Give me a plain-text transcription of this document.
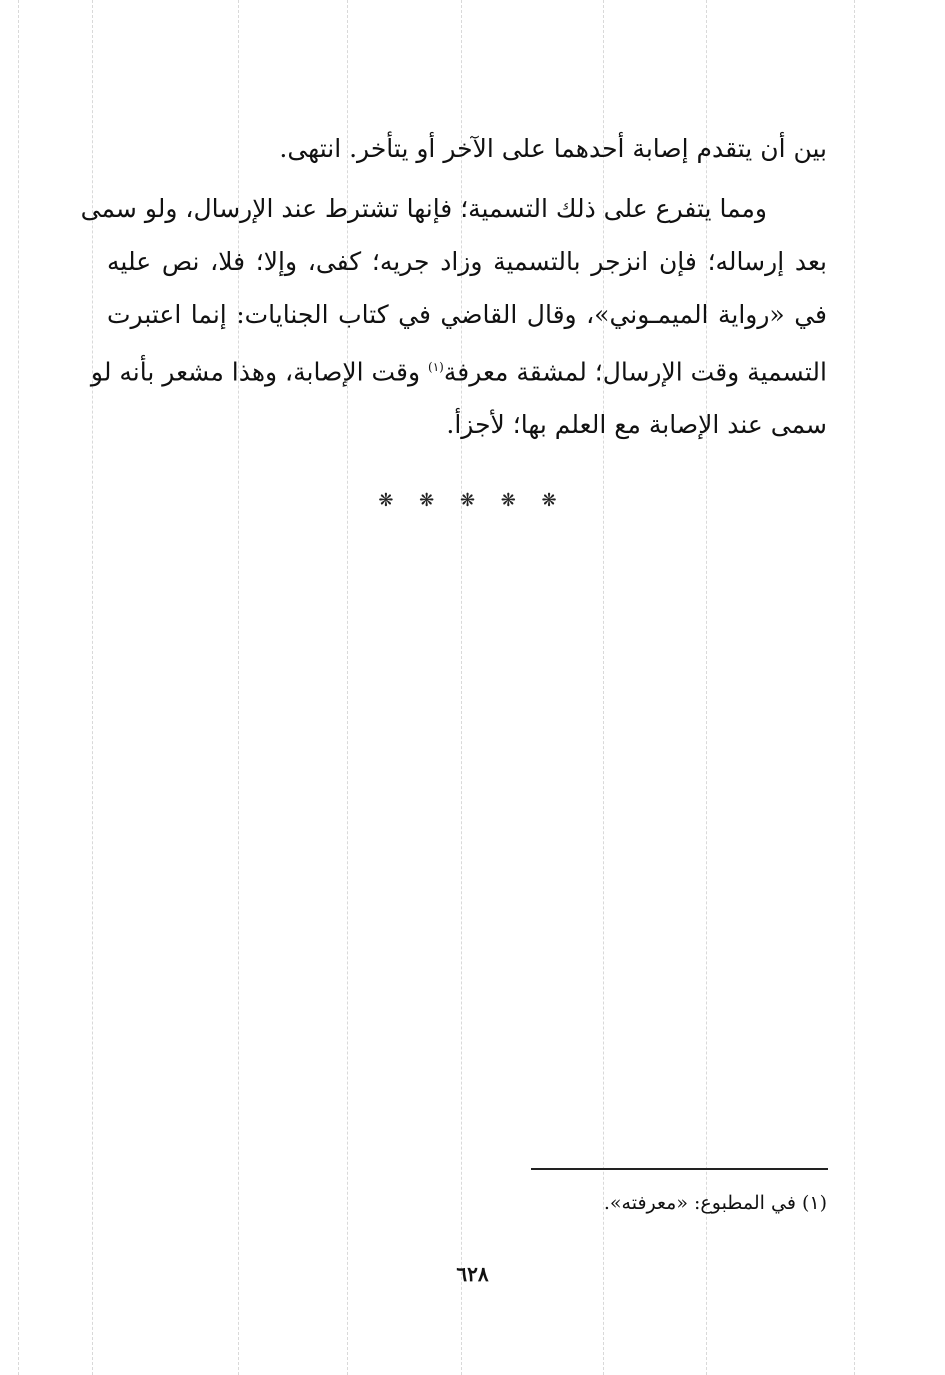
بين أن يتقدم إصابة أحدهما على الآخر أو يتأخر. انتهى.
ومما يتفرع على ذلك التسمية؛ فإنها تشترط عند الإرسال، ولو سمى
بعد إرساله؛ فإن انزجر بالتسمية وزاد جريه؛ كفى، وإلا؛ فلا، نص عليه
في «رواية الميمـوني»، وقال القاضي في كتاب الجنايات: إنما اعتبرت
التسمية وقت الإرسال؛ لمشقة معرفة$^{(١)}$ وقت الإصابة، وهذا مشعر بأنه لو
سمى عند الإصابة مع العلم بها؛ لأجزأ.
❋ ❋ ❋ ❋ ❋
(١) في المطبوع: «معرفته».
٦٢٨
